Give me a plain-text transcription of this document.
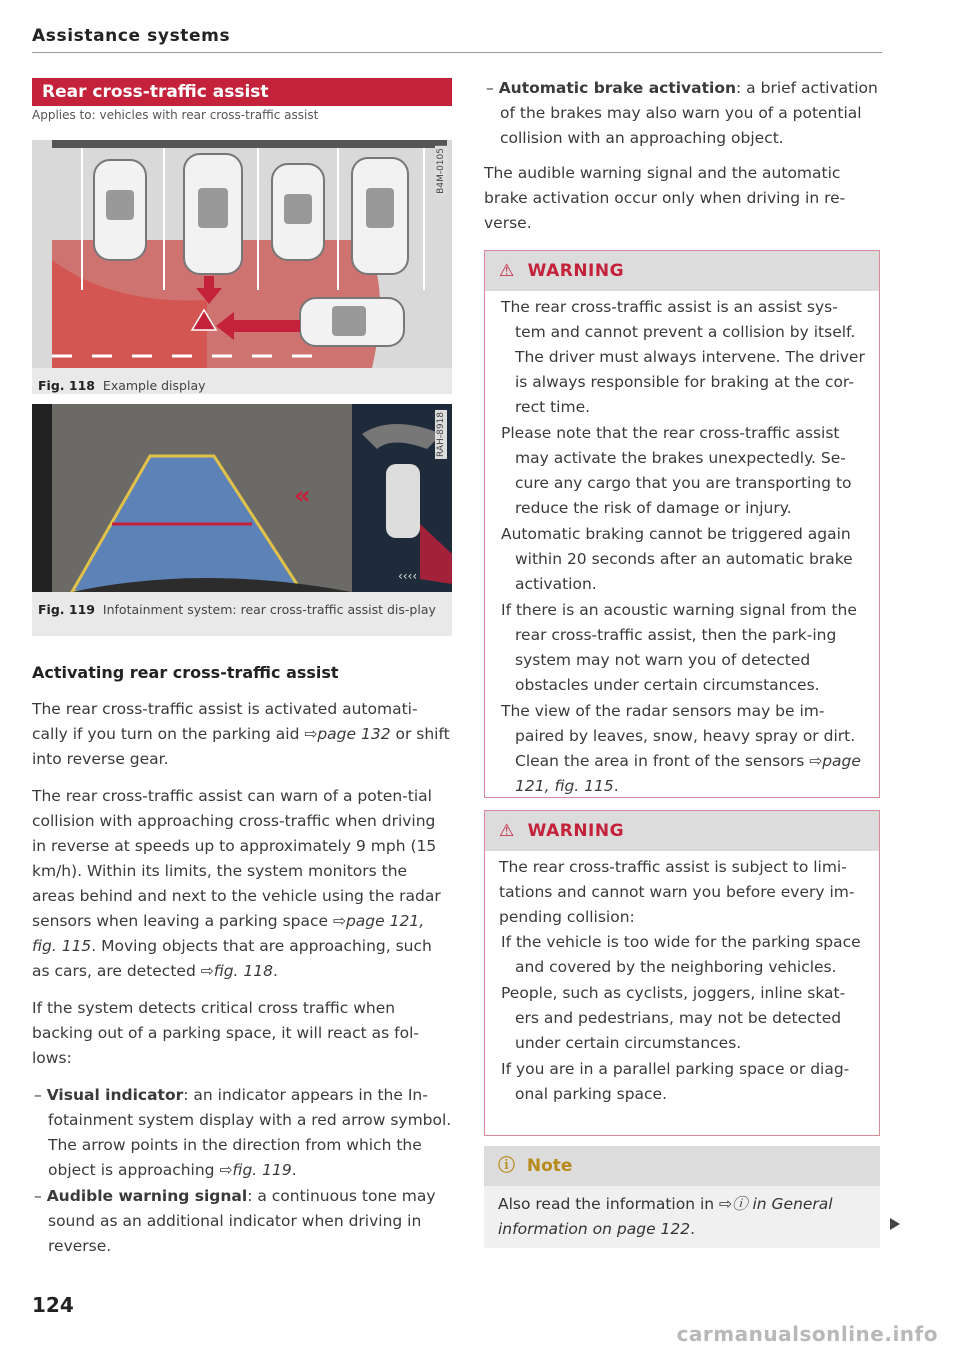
Assistance systems
Rear cross-traffic assist
Applies to: vehicles with rear cross-traffic assist
B4M-0105
Fig. 118 Example display
«
‹‹‹‹
RAH-8918
Fig. 119 Infotainment system: rear cross-traffic assist dis-play
Activating rear cross-traffic assist

The rear cross-traffic assist is activated automati-cally if you turn on the parking aid ⇨page 132 or shift into reverse gear.

The rear cross-traffic assist can warn of a poten-tial collision with approaching cross-traffic when driving in reverse at speeds up to approximately 9 mph (15 km/h). Within its limits, the system monitors the areas behind and next to the vehicle using the radar sensors when leaving a parking space ⇨page 121, fig. 115. Moving objects that are approaching, such as cars, are detected ⇨fig. 118.

If the system detects critical cross traffic when backing out of a parking space, it will react as fol-lows:

– Visual indicator: an indicator appears in the In-fotainment system display with a red arrow symbol. The arrow points in the direction from which the object is approaching ⇨fig. 119.
– Audible warning signal: a continuous tone may sound as an additional indicator when driving in reverse.
124
– Automatic brake activation: a brief activation of the brakes may also warn you of a potential collision with an approaching object.

The audible warning signal and the automatic brake activation occur only when driving in re-verse.

⚠ WARNING
The rear cross-traffic assist is an assist sys-tem and cannot prevent a collision by itself. The driver must always intervene. The driver is always responsible for braking at the cor-rect time.
Please note that the rear cross-traffic assist may activate the brakes unexpectedly. Se-cure any cargo that you are transporting to reduce the risk of damage or injury.
Automatic braking cannot be triggered again within 20 seconds after an automatic brake activation.
If there is an acoustic warning signal from the rear cross-traffic assist, then the park-ing system may not warn you of detected obstacles under certain circumstances.
The view of the radar sensors may be im-paired by leaves, snow, heavy spray or dirt. Clean the area in front of the sensors ⇨page 121, fig. 115.
⚠ WARNING
The rear cross-traffic assist is subject to limi-tations and cannot warn you before every im-pending collision:
If the vehicle is too wide for the parking space and covered by the neighboring vehicles.
People, such as cyclists, joggers, inline skat-ers and pedestrians, may not be detected under certain circumstances.
If you are in a parallel parking space or diag-onal parking space.
ⓘ Note
Also read the information in ⇨ⓘ in General information on page 122.
carmanualsonline.info
